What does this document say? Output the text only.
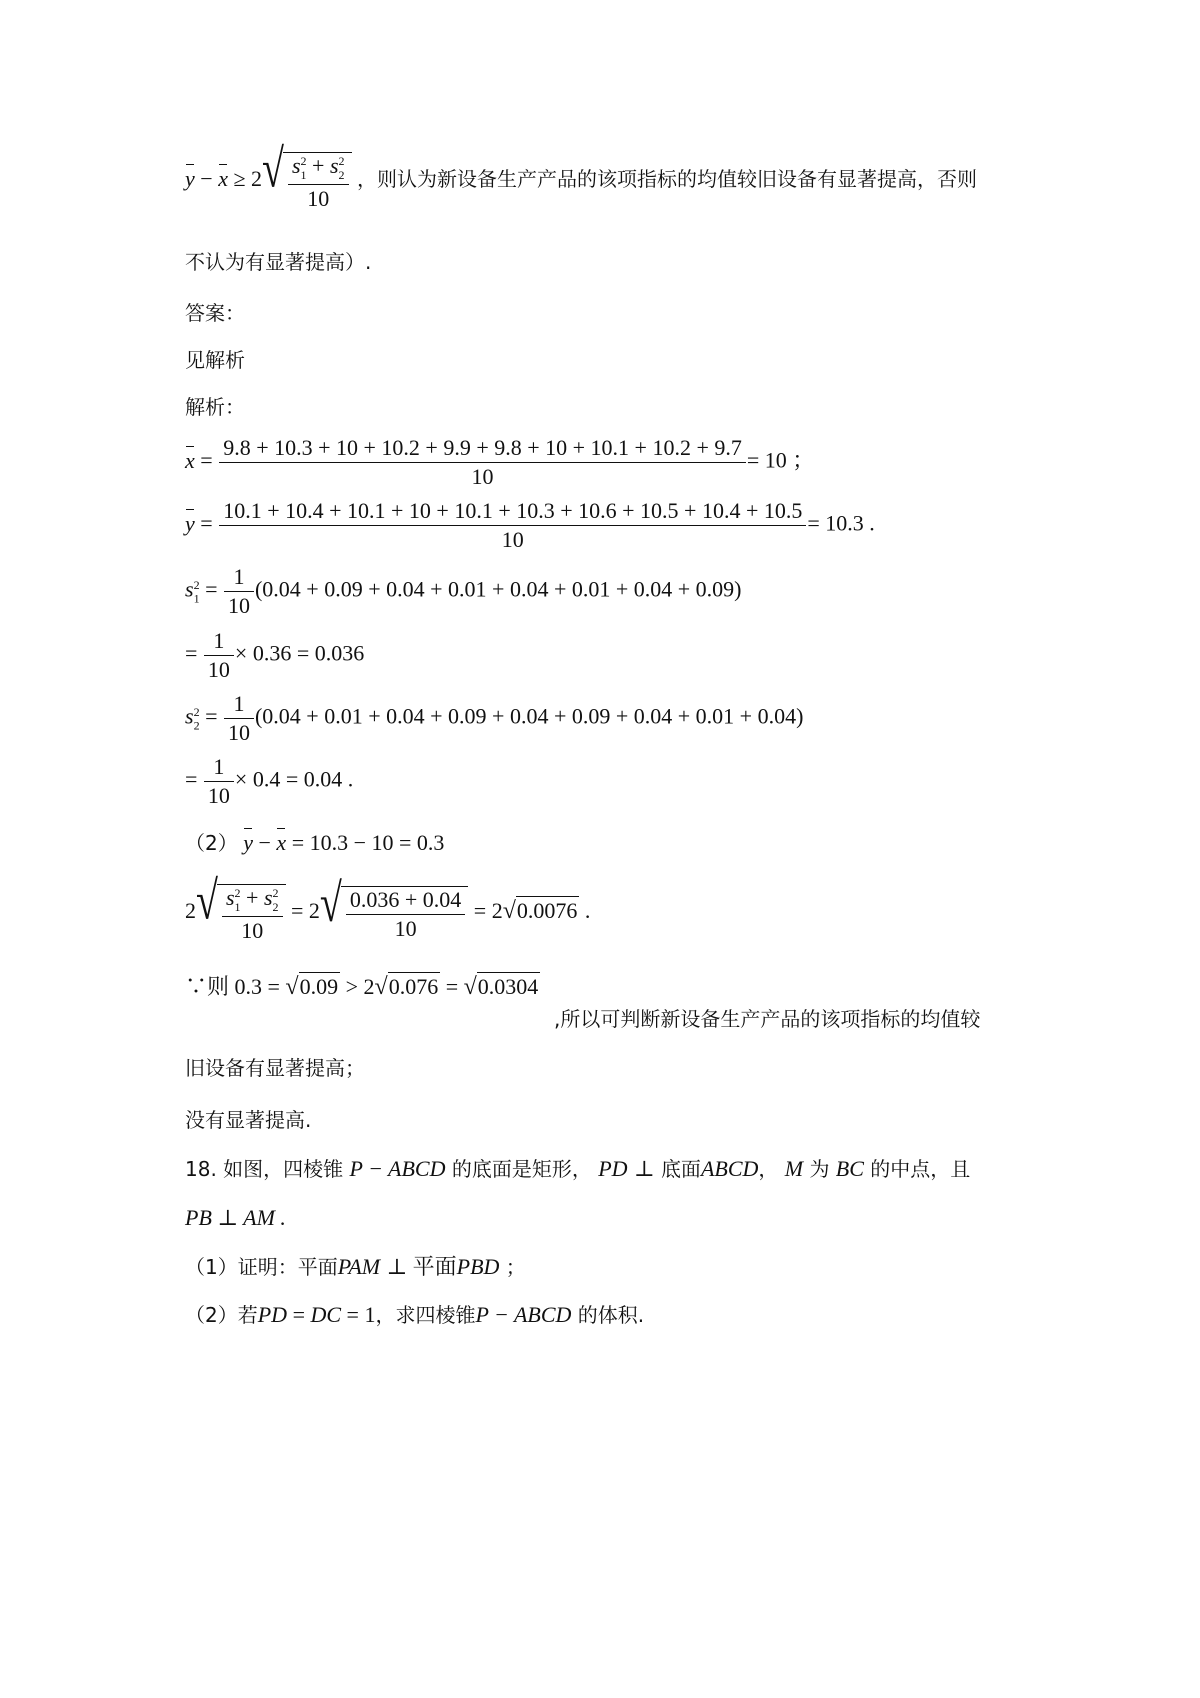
y − x ≥ 2 √ $\frac{s_1^2 + s_2^2}{10}$ ，则认为新设备生产产品的该项指标的均值较旧设备有显著提高，否则
不认为有显著提高）.
答案：
见解析
解析：
$x = \frac{9.8 + 10.3 + 10 + 10.2 + 9.9 + 9.8 + 10 + 10.1 + 10.2 + 9.7}{10} = 10$ ；
y =
10.1 + 10.4 + 10.1 + 10 + 10.1 + 10.3 + 10.6 + 10.5 + 10.4 + 10.5
10
= 10.3 .
$s_1^2 = \frac{1}{10} (0.04 + 0.09 + 0.04 + 0.01 + 0.04 + 0.01 + 0.04 + 0.09)$
= $\frac{1}{10} \times 0.36 = 0.036$
$s_2^2 = \frac{1}{10} (0.04 + 0.01 + 0.04 + 0.09 + 0.04 + 0.09 + 0.04 + 0.01 + 0.04)$
= $\frac{1}{10} \times 0.4 = 0.04$ .
（2） y − x = 10.3 − 10 = 0.3
2 √ $\frac{s_1^2 + s_2^2}{10} = 2$ √ $\frac{0.036 + 0.04}{10} = 2√0.0076$ .
∵则 0.3 = √0.09 > 2√0.076 = √0.0304
,所以可判断新设备生产产品的该项指标的均值较
旧设备有显著提高；
没有显著提高.
18. 如图，四棱锥 P − ABCD 的底面是矩形， PD ⊥ 底面ABCD， M 为 BC 的中点，且
PB ⊥ AM .
（1）证明：平面PAM ⊥ 平面PBD ；
（2）若PD = DC = 1，求四棱锥P − ABCD 的体积.
